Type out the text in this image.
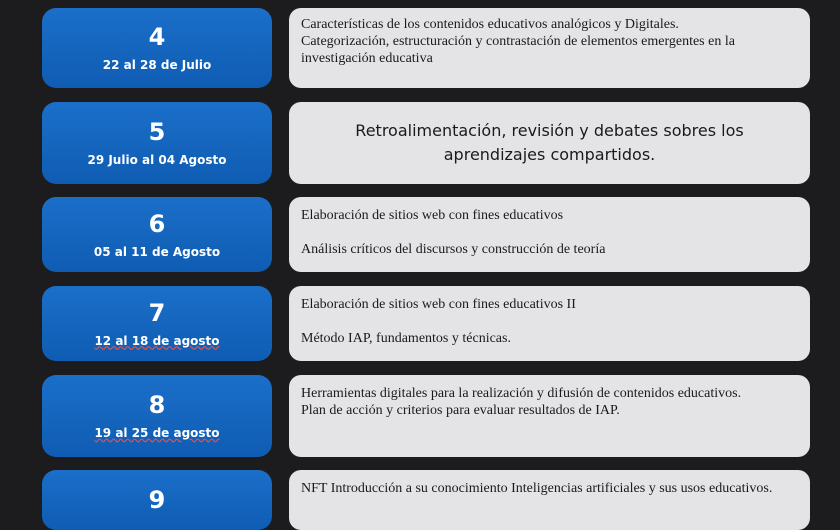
4
22 al 28 de Julio

Características de los contenidos educativos analógicos y Digitales.

Categorización, estructuración y contrastación de elementos emergentes en la investigación educativa

5
29 Julio al 04 Agosto

Retroalimentación, revisión y debates sobres los aprendizajes compartidos.

6
05 al 11 de Agosto

Elaboración de sitios web con fines educativos

Análisis críticos del discursos y construcción de teoría

7
12 al 18 de agosto

Elaboración de sitios web con fines educativos II

Método IAP, fundamentos y técnicas.

8
19 al 25 de agosto

Herramientas digitales para la realización y difusión de contenidos educativos.

Plan de acción y criterios para evaluar resultados de IAP.

9	NFT Introducción a su conocimiento Inteligencias artificiales y sus usos educativos.
